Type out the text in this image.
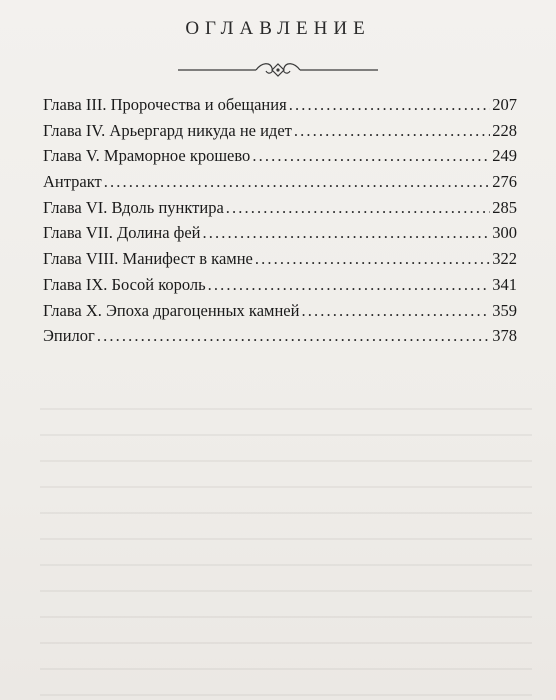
ОГЛАВЛЕНИЕ
Глава III. Пророчества и обещания . . .	207
Глава IV. Арьергард никуда не идет . . .	228
Глава V. Мраморное крошево . . .	249
Антракт . . .	276
Глава VI. Вдоль пунктира . . .	285
Глава VII. Долина фей . . .	300
Глава VIII. Манифест в камне . . .	322
Глава IX. Босой король . . .	341
Глава X. Эпоха драгоценных камней . . .	359
Эпилог . . .	378
